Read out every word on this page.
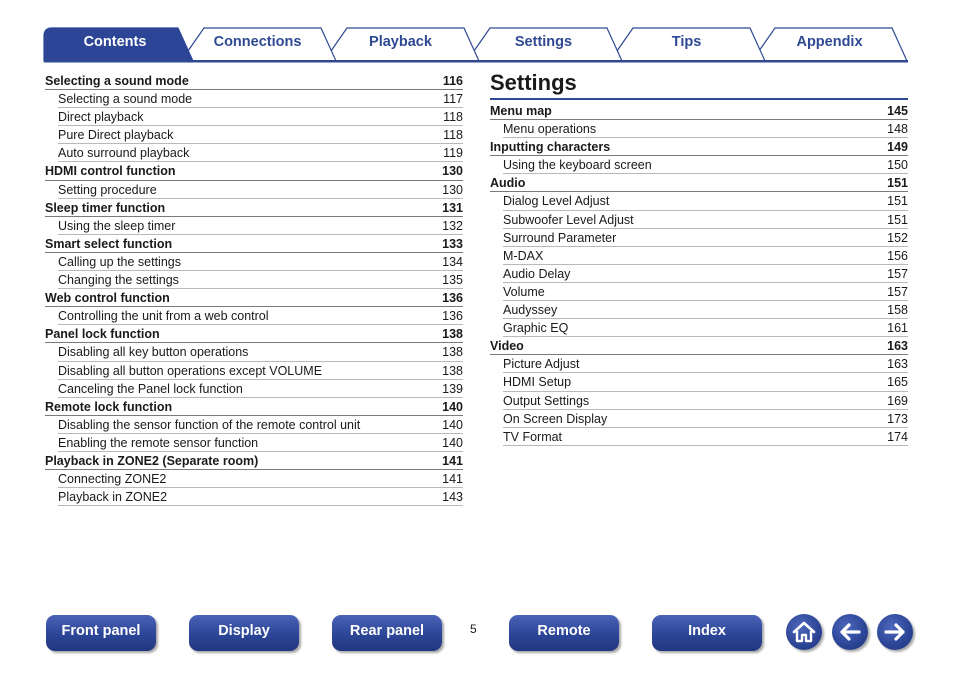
Contents	Connections	Playback	Settings	Tips	Appendix
Selecting a sound mode	116
Selecting a sound mode	117
Direct playback	118
Pure Direct playback	118
Auto surround playback	119
HDMI control function	130
Setting procedure	130
Sleep timer function	131
Using the sleep timer	132
Smart select function	133
Calling up the settings	134
Changing the settings	135
Web control function	136
Controlling the unit from a web control	136
Panel lock function	138
Disabling all key button operations	138
Disabling all button operations except VOLUME	138
Canceling the Panel lock function	139
Remote lock function	140
Disabling the sensor function of the remote control unit	140
Enabling the remote sensor function	140
Playback in ZONE2 (Separate room)	141
Connecting ZONE2	141
Playback in ZONE2	143
Settings
Menu map	145
Menu operations	148
Inputting characters	149
Using the keyboard screen	150
Audio	151
Dialog Level Adjust	151
Subwoofer Level Adjust	151
Surround Parameter	152
M-DAX	156
Audio Delay	157
Volume	157
Audyssey	158
Graphic EQ	161
Video	163
Picture Adjust	163
HDMI Setup	165
Output Settings	169
On Screen Display	173
TV Format	174
Front panel	Display	Rear panel	5	Remote	Index
